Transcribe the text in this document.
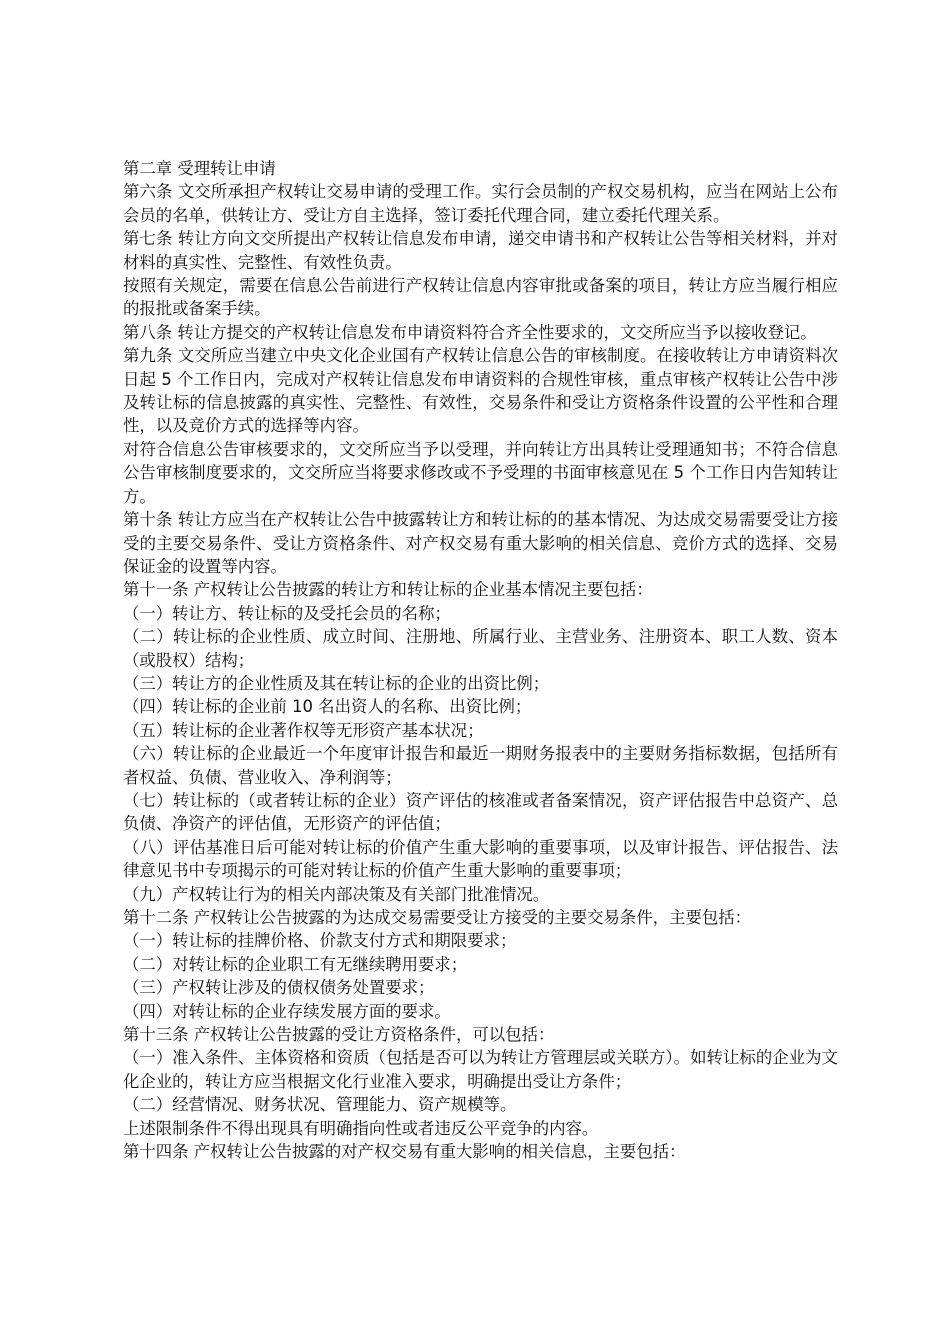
第二章 受理转让申请

第六条 文交所承担产权转让交易申请的受理工作。实行会员制的产权交易机构，应当在网站上公布会员的名单，供转让方、受让方自主选择，签订委托代理合同，建立委托代理关系。

第七条 转让方向文交所提出产权转让信息发布申请，递交申请书和产权转让公告等相关材料，并对材料的真实性、完整性、有效性负责。

按照有关规定，需要在信息公告前进行产权转让信息内容审批或备案的项目，转让方应当履行相应的报批或备案手续。

第八条 转让方提交的产权转让信息发布申请资料符合齐全性要求的，文交所应当予以接收登记。

第九条 文交所应当建立中央文化企业国有产权转让信息公告的审核制度。在接收转让方申请资料次日起 5 个工作日内，完成对产权转让信息发布申请资料的合规性审核，重点审核产权转让公告中涉及转让标的信息披露的真实性、完整性、有效性，交易条件和受让方资格条件设置的公平性和合理性，以及竞价方式的选择等内容。

对符合信息公告审核要求的，文交所应当予以受理，并向转让方出具转让受理通知书；不符合信息公告审核制度要求的，文交所应当将要求修改或不予受理的书面审核意见在 5 个工作日内告知转让方。

第十条 转让方应当在产权转让公告中披露转让方和转让标的的基本情况、为达成交易需要受让方接受的主要交易条件、受让方资格条件、对产权交易有重大影响的相关信息、竞价方式的选择、交易保证金的设置等内容。

第十一条 产权转让公告披露的转让方和转让标的企业基本情况主要包括：

（一）转让方、转让标的及受托会员的名称；

（二）转让标的企业性质、成立时间、注册地、所属行业、主营业务、注册资本、职工人数、资本（或股权）结构；

（三）转让方的企业性质及其在转让标的企业的出资比例；

（四）转让标的企业前 10 名出资人的名称、出资比例；

（五）转让标的企业著作权等无形资产基本状况；

（六）转让标的企业最近一个年度审计报告和最近一期财务报表中的主要财务指标数据，包括所有者权益、负债、营业收入、净利润等；

（七）转让标的（或者转让标的企业）资产评估的核准或者备案情况，资产评估报告中总资产、总负债、净资产的评估值，无形资产的评估值；

（八）评估基准日后可能对转让标的价值产生重大影响的重要事项，以及审计报告、评估报告、法律意见书中专项揭示的可能对转让标的价值产生重大影响的重要事项；

（九）产权转让行为的相关内部决策及有关部门批准情况。

第十二条 产权转让公告披露的为达成交易需要受让方接受的主要交易条件，主要包括：

（一）转让标的挂牌价格、价款支付方式和期限要求；

（二）对转让标的企业职工有无继续聘用要求；

（三）产权转让涉及的债权债务处置要求；

（四）对转让标的企业存续发展方面的要求。

第十三条 产权转让公告披露的受让方资格条件，可以包括：

（一）准入条件、主体资格和资质（包括是否可以为转让方管理层或关联方）。如转让标的企业为文化企业的，转让方应当根据文化行业准入要求，明确提出受让方条件；

（二）经营情况、财务状况、管理能力、资产规模等。

上述限制条件不得出现具有明确指向性或者违反公平竞争的内容。

第十四条 产权转让公告披露的对产权交易有重大影响的相关信息，主要包括：
